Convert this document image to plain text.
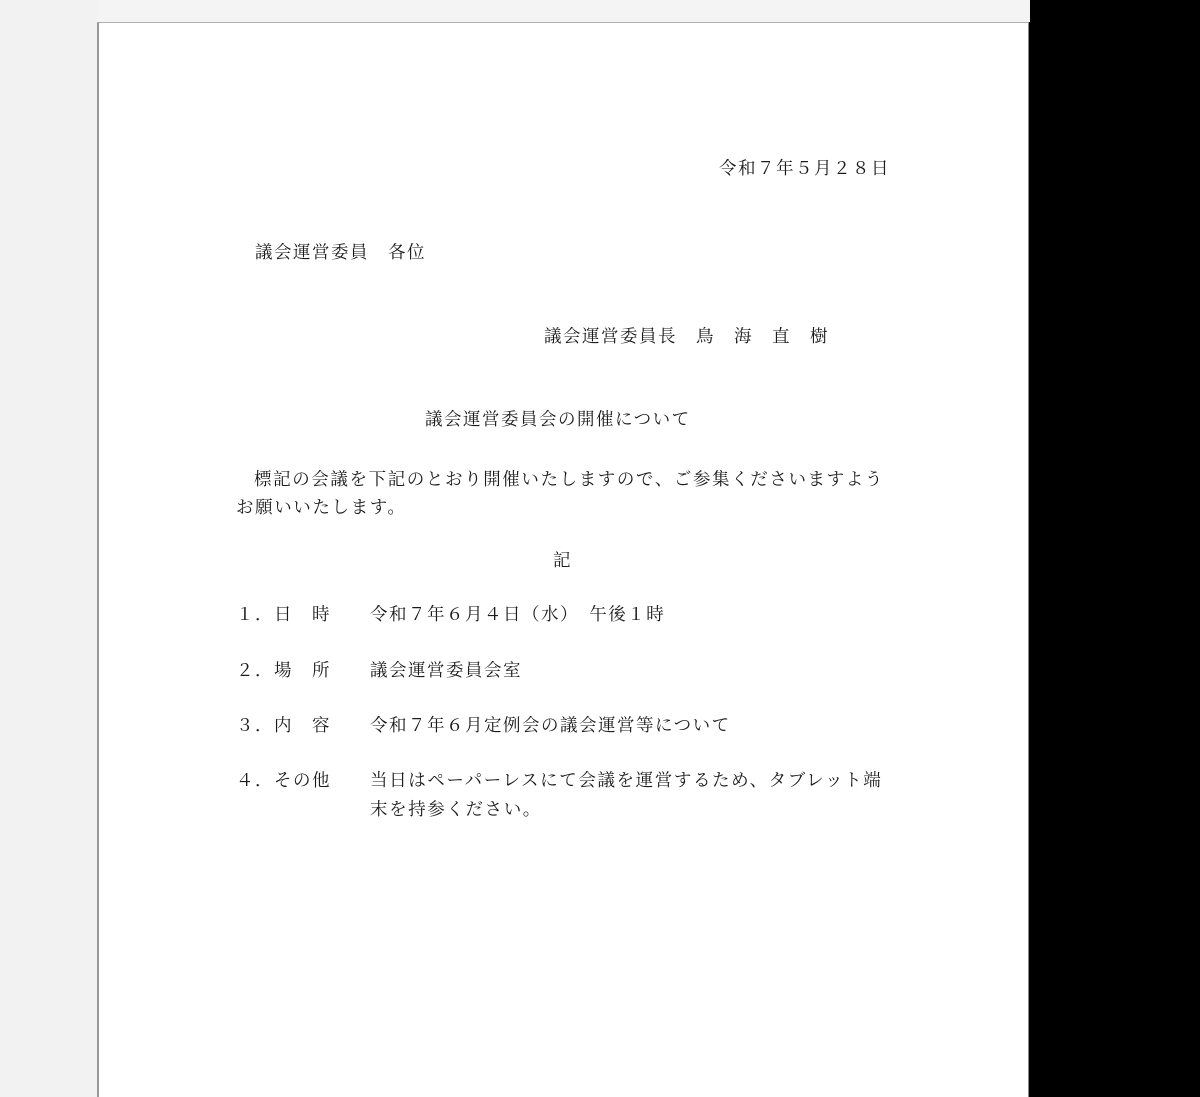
令和７年５月２８日
議会運営委員　各位
議会運営委員長　鳥　海　直　樹
議会運営委員会の開催について
標記の会議を下記のとおり開催いたしますので、ご参集くださいますようお願いいたします。
記
１．日　時 令和７年６月４日（水）　午後１時
２．場　所 議会運営委員会室
３．内　容 令和７年６月定例会の議会運営等について
４．その他 当日はペーパーレスにて会議を運営するため、タブレット端末を持参ください。
